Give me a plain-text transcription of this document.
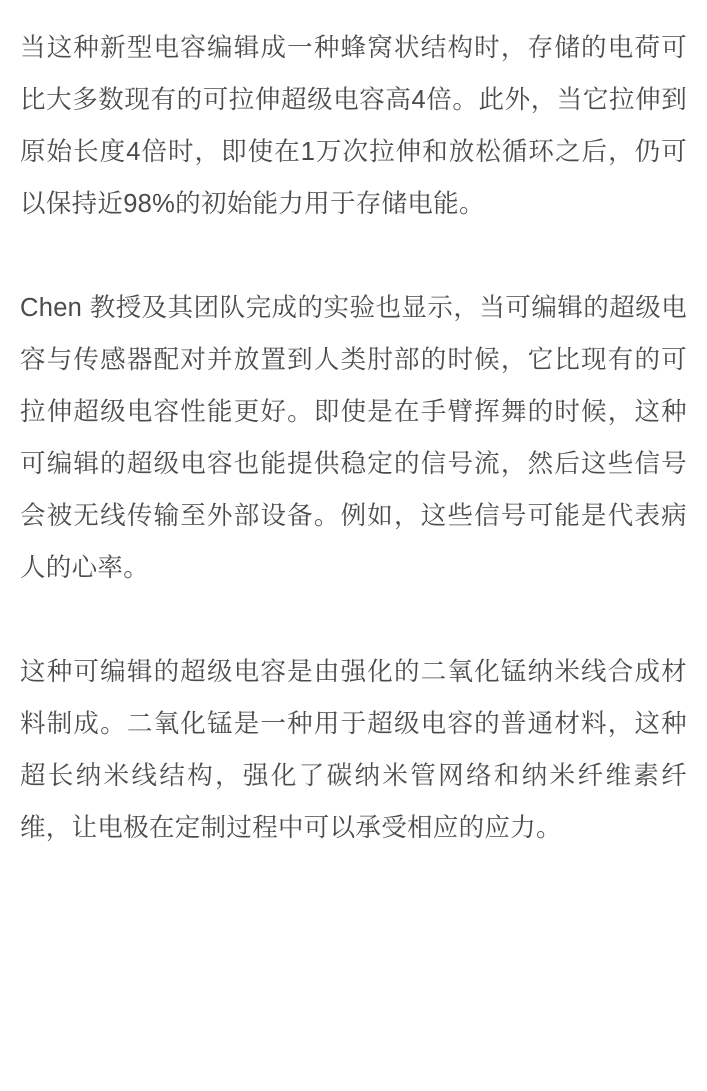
当这种新型电容编辑成一种蜂窝状结构时，存储的电荷可比大多数现有的可拉伸超级电容高4倍。此外，当它拉伸到原始长度4倍时，即使在1万次拉伸和放松循环之后，仍可以保持近98%的初始能力用于存储电能。

Chen 教授及其团队完成的实验也显示，当可编辑的超级电容与传感器配对并放置到人类肘部的时候，它比现有的可拉伸超级电容性能更好。即使是在手臂挥舞的时候，这种可编辑的超级电容也能提供稳定的信号流，然后这些信号会被无线传输至外部设备。例如，这些信号可能是代表病人的心率。

这种可编辑的超级电容是由强化的二氧化锰纳米线合成材料制成。二氧化锰是一种用于超级电容的普通材料，这种超长纳米线结构，强化了碳纳米管网络和纳米纤维素纤维，让电极在定制过程中可以承受相应的应力。
